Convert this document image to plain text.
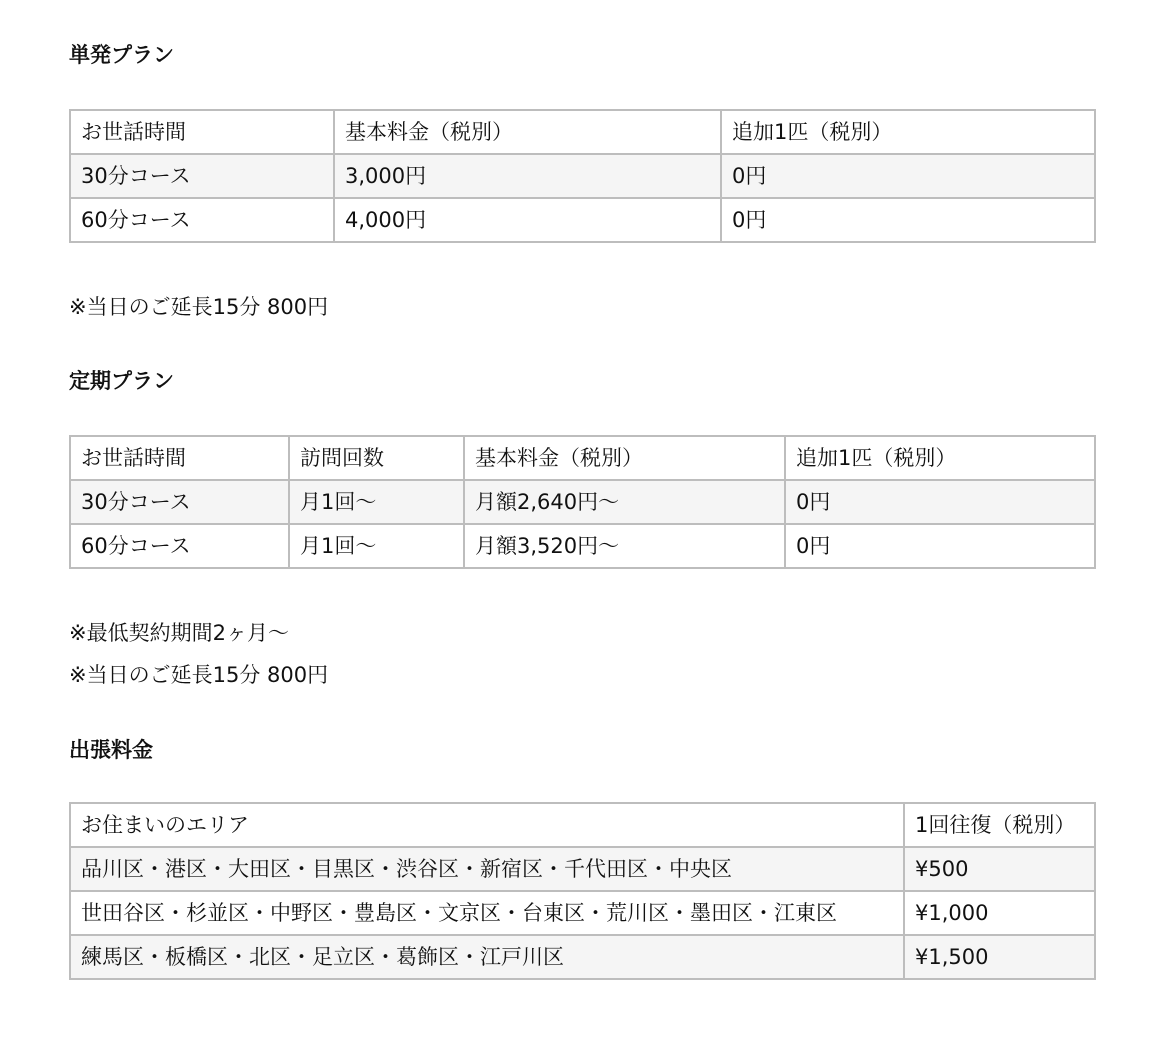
単発プラン
お世話時間	基本料金（税別）	追加1匹（税別）
30分コース	3,000円	0円
60分コース	4,000円	0円

※当日のご延長15分 800円

定期プラン
お世話時間	訪問回数	基本料金（税別）	追加1匹（税別）
30分コース	月1回〜	月額2,640円〜	0円
60分コース	月1回〜	月額3,520円〜	0円

※最低契約期間2ヶ月〜

※当日のご延長15分 800円

出張料金
お住まいのエリア	1回往復（税別）
品川区・港区・大田区・目黒区・渋谷区・新宿区・千代田区・中央区	¥500
世田谷区・杉並区・中野区・豊島区・文京区・台東区・荒川区・墨田区・江東区	¥1,000
練馬区・板橋区・北区・足立区・葛飾区・江戸川区	¥1,500
